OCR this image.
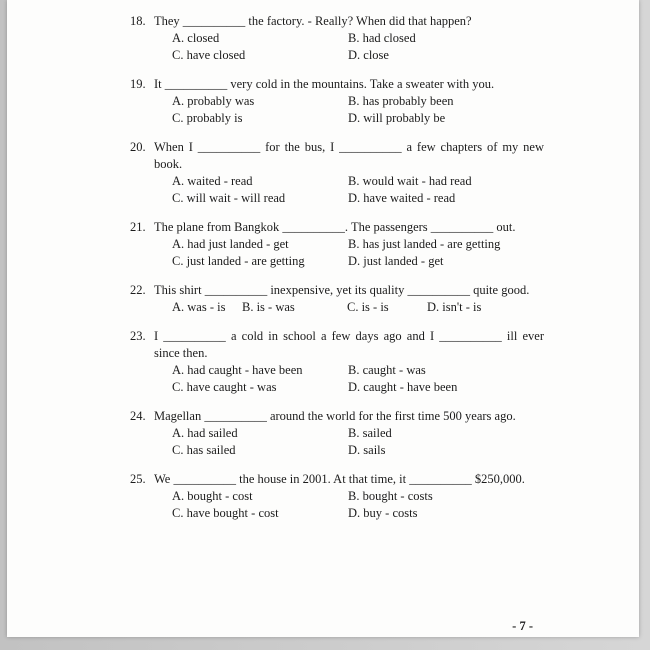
18. They __________ the factory. - Really? When did that happen?
A. closed	B. had closed
C. have closed	D. close
19. It __________ very cold in the mountains. Take a sweater with you.
A. probably was	B. has probably been
C. probably is	D. will probably be
20. When I __________ for the bus, I __________ a few chapters of my new book.
A. waited - read	B. would wait - had read
C. will wait - will read	D. have waited - read
21. The plane from Bangkok __________. The passengers __________ out.
A. had just landed - get	B. has just landed - are getting
C. just landed - are getting	D. just landed - get
22. This shirt __________ inexpensive, yet its quality __________ quite good.
A. was - is	B. is - was	C. is - is	D. isn't - is
23. I __________ a cold in school a few days ago and I __________ ill ever since then.
A. had caught - have been	B. caught - was
C. have caught - was	D. caught - have been
24. Magellan __________ around the world for the first time 500 years ago.
A. had sailed	B. sailed
C. has sailed	D. sails
25. We __________ the house in 2001. At that time, it __________ $250,000.
A. bought - cost	B. bought - costs
C. have bought - cost	D. buy - costs
- 7 -
